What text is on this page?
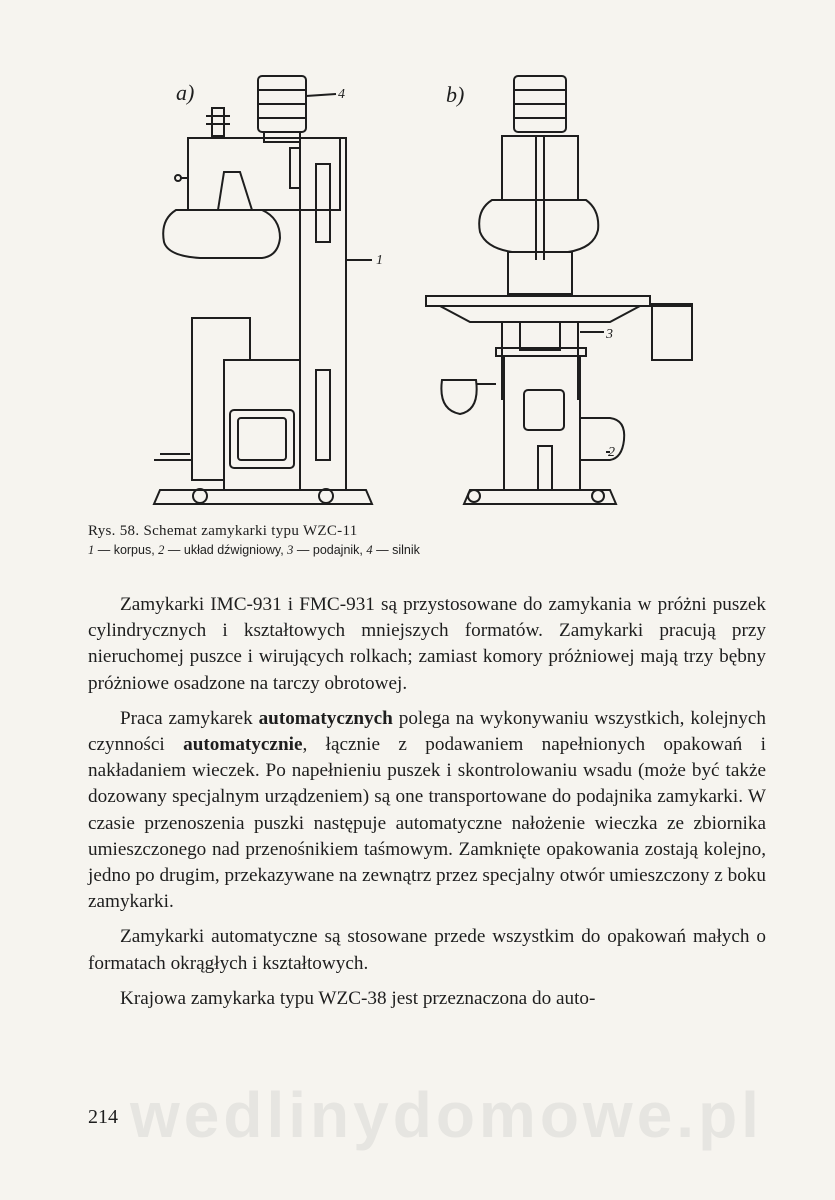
a)	b)
1
2
3
4
Rys. 58. Schemat zamykarki typu WZC-11
1 — korpus, 2 — układ dźwigniowy, 3 — podajnik, 4 — silnik

Zamykarki IMC-931 i FMC-931 są przystosowane do zamykania w próżni puszek cylindrycznych i kształtowych mniejszych formatów. Zamykarki pracują przy nieruchomej puszce i wirujących rolkach; zamiast komory próżniowej mają trzy bębny próżniowe osadzone na tarczy obrotowej.

Praca zamykarek automatycznych polega na wykonywaniu wszystkich, kolejnych czynności automatycznie, łącznie z podawaniem napełnionych opakowań i nakładaniem wieczek. Po napełnieniu puszek i skontrolowaniu wsadu (może być także dozowany specjalnym urządzeniem) są one transportowane do podajnika zamykarki. W czasie przenoszenia puszki następuje automatyczne nałożenie wieczka ze zbiornika umieszczonego nad przenośnikiem taśmowym. Zamknięte opakowania zostają kolejno, jedno po drugim, przekazywane na zewnątrz przez specjalny otwór umieszczony z boku zamykarki.

Zamykarki automatyczne są stosowane przede wszystkim do opakowań małych o formatach okrągłych i kształtowych.

Krajowa zamykarka typu WZC-38 jest przeznaczona do auto-

wedlinydomowe.pl
214
